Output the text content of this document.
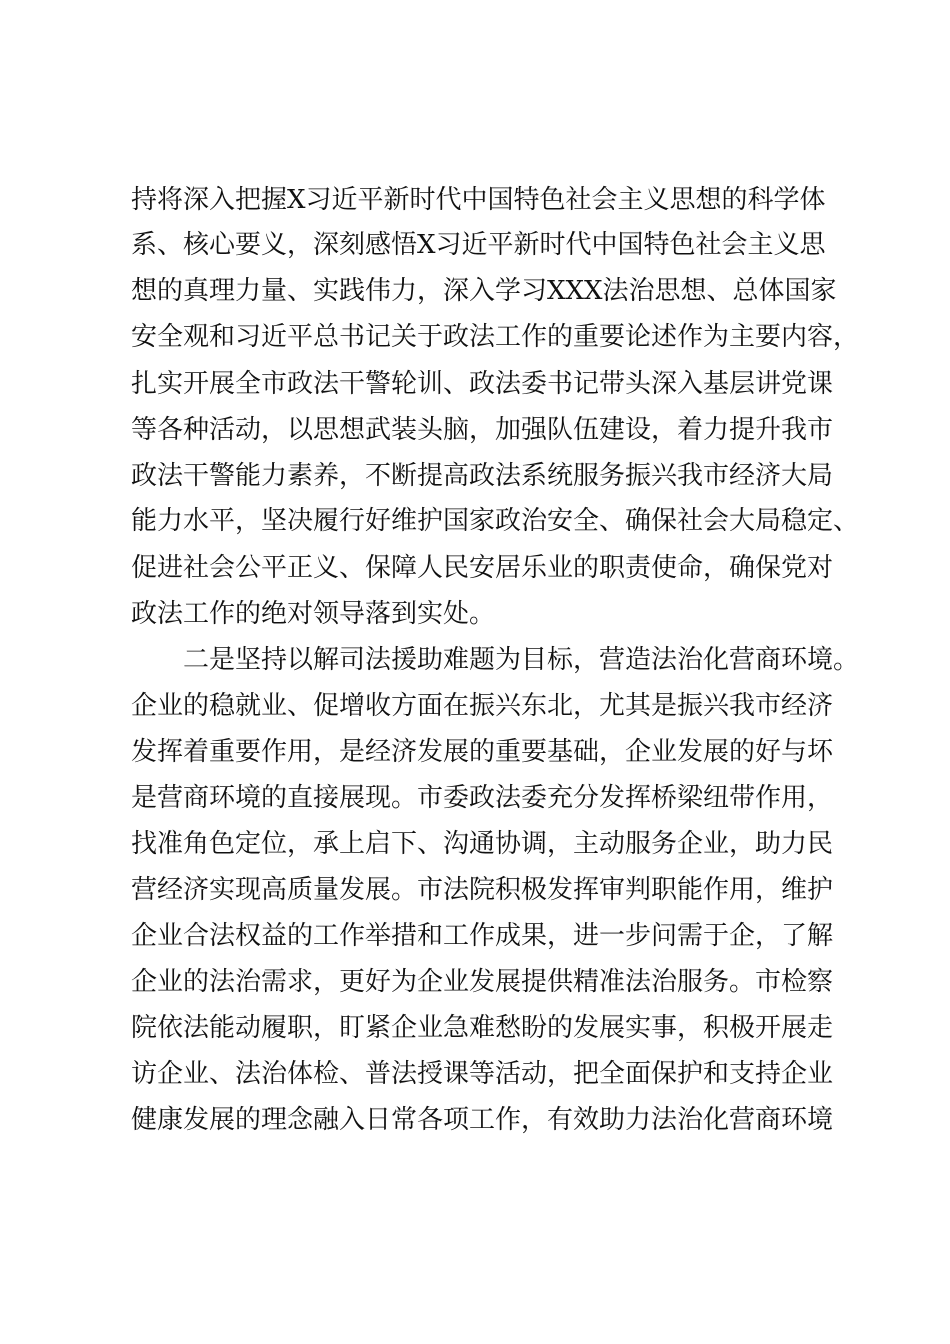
持将深入把握X习近平新时代中国特色社会主义思想的科学体
系、核心要义，深刻感悟X习近平新时代中国特色社会主义思
想的真理力量、实践伟力，深入学习XXX法治思想、总体国家
安全观和习近平总书记关于政法工作的重要论述作为主要内容，
扎实开展全市政法干警轮训、政法委书记带头深入基层讲党课
等各种活动，以思想武装头脑，加强队伍建设，着力提升我市
政法干警能力素养，不断提高政法系统服务振兴我市经济大局
能力水平，坚决履行好维护国家政治安全、确保社会大局稳定、
促进社会公平正义、保障人民安居乐业的职责使命，确保党对
政法工作的绝对领导落到实处。
二是坚持以解司法援助难题为目标，营造法治化营商环境。
企业的稳就业、促增收方面在振兴东北，尤其是振兴我市经济
发挥着重要作用，是经济发展的重要基础，企业发展的好与坏
是营商环境的直接展现。市委政法委充分发挥桥梁纽带作用，
找准角色定位，承上启下、沟通协调，主动服务企业，助力民
营经济实现高质量发展。市法院积极发挥审判职能作用，维护
企业合法权益的工作举措和工作成果，进一步问需于企，了解
企业的法治需求，更好为企业发展提供精准法治服务。市检察
院依法能动履职，盯紧企业急难愁盼的发展实事，积极开展走
访企业、法治体检、普法授课等活动，把全面保护和支持企业
健康发展的理念融入日常各项工作，有效助力法治化营商环境
